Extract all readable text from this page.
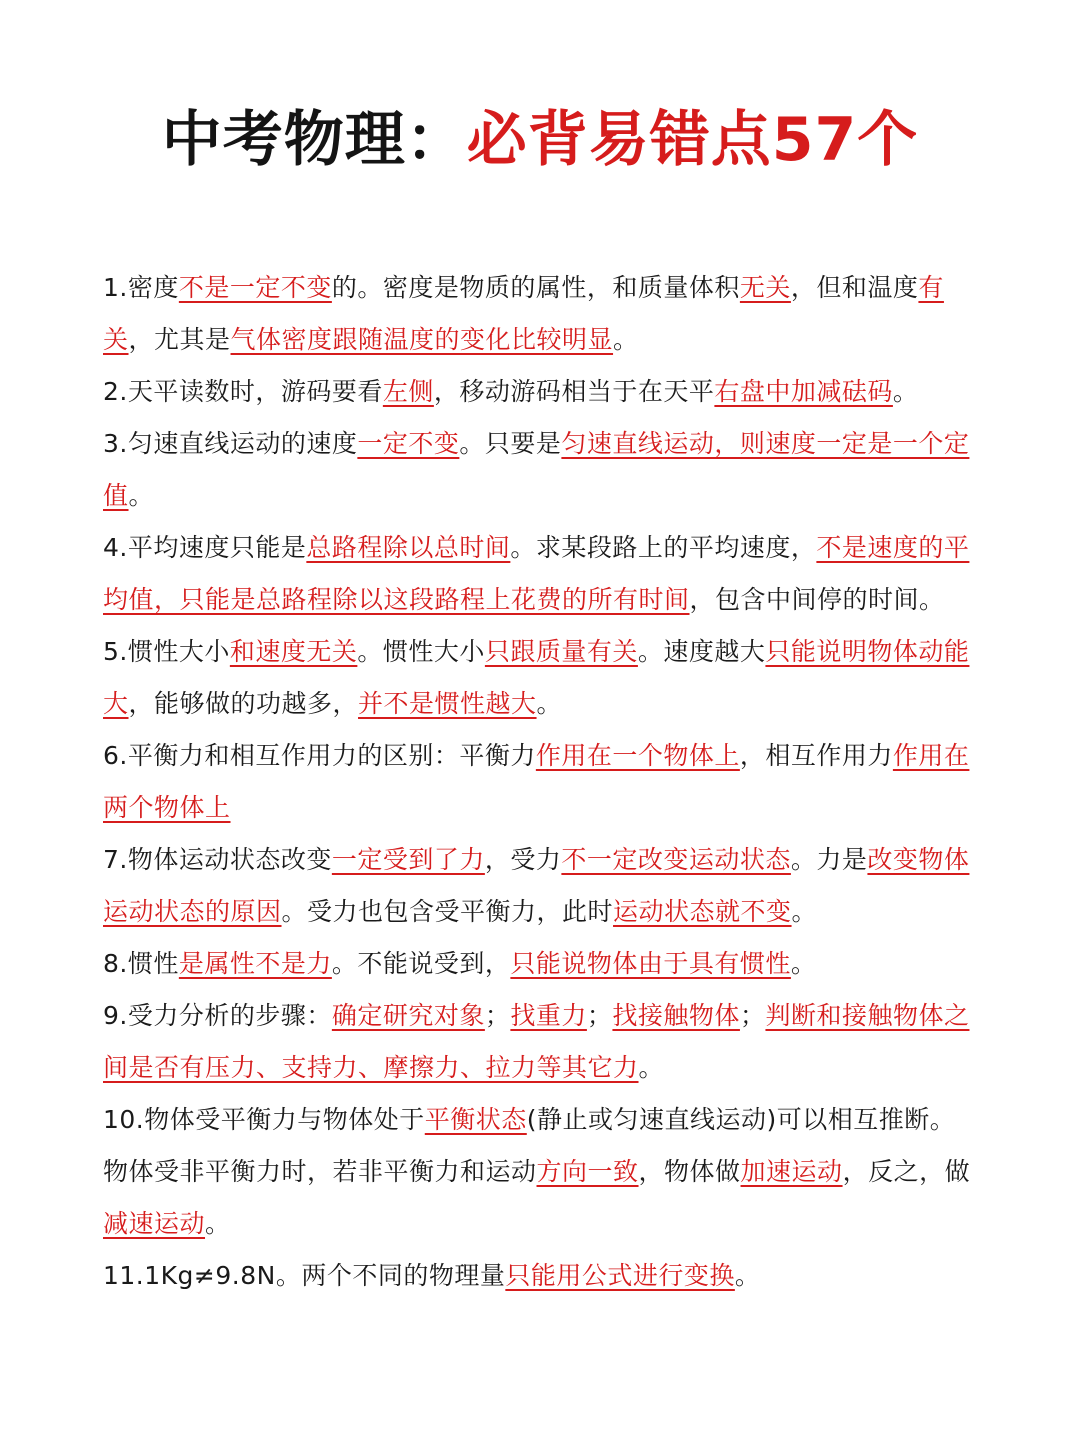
中考物理：必背易错点57个

1.密度不是一定不变的。密度是物质的属性，和质量体积无关，但和温度有关，尤其是气体密度跟随温度的变化比较明显。

2.天平读数时，游码要看左侧，移动游码相当于在天平右盘中加减砝码。

3.匀速直线运动的速度一定不变。只要是匀速直线运动，则速度一定是一个定值。

4.平均速度只能是总路程除以总时间。求某段路上的平均速度，不是速度的平均值，只能是总路程除以这段路程上花费的所有时间，包含中间停的时间。

5.惯性大小和速度无关。惯性大小只跟质量有关。速度越大只能说明物体动能大，能够做的功越多，并不是惯性越大。

6.平衡力和相互作用力的区别：平衡力作用在一个物体上，相互作用力作用在两个物体上

7.物体运动状态改变一定受到了力，受力不一定改变运动状态。力是改变物体运动状态的原因。受力也包含受平衡力，此时运动状态就不变。

8.惯性是属性不是力。不能说受到，只能说物体由于具有惯性。

9.受力分析的步骤：确定研究对象；找重力；找接触物体；判断和接触物体之间是否有压力、支持力、摩擦力、拉力等其它力。

10.物体受平衡力与物体处于平衡状态(静止或匀速直线运动)可以相互推断。物体受非平衡力时，若非平衡力和运动方向一致，物体做加速运动，反之，做减速运动。

11.1Kg≠9.8N。两个不同的物理量只能用公式进行变换。
